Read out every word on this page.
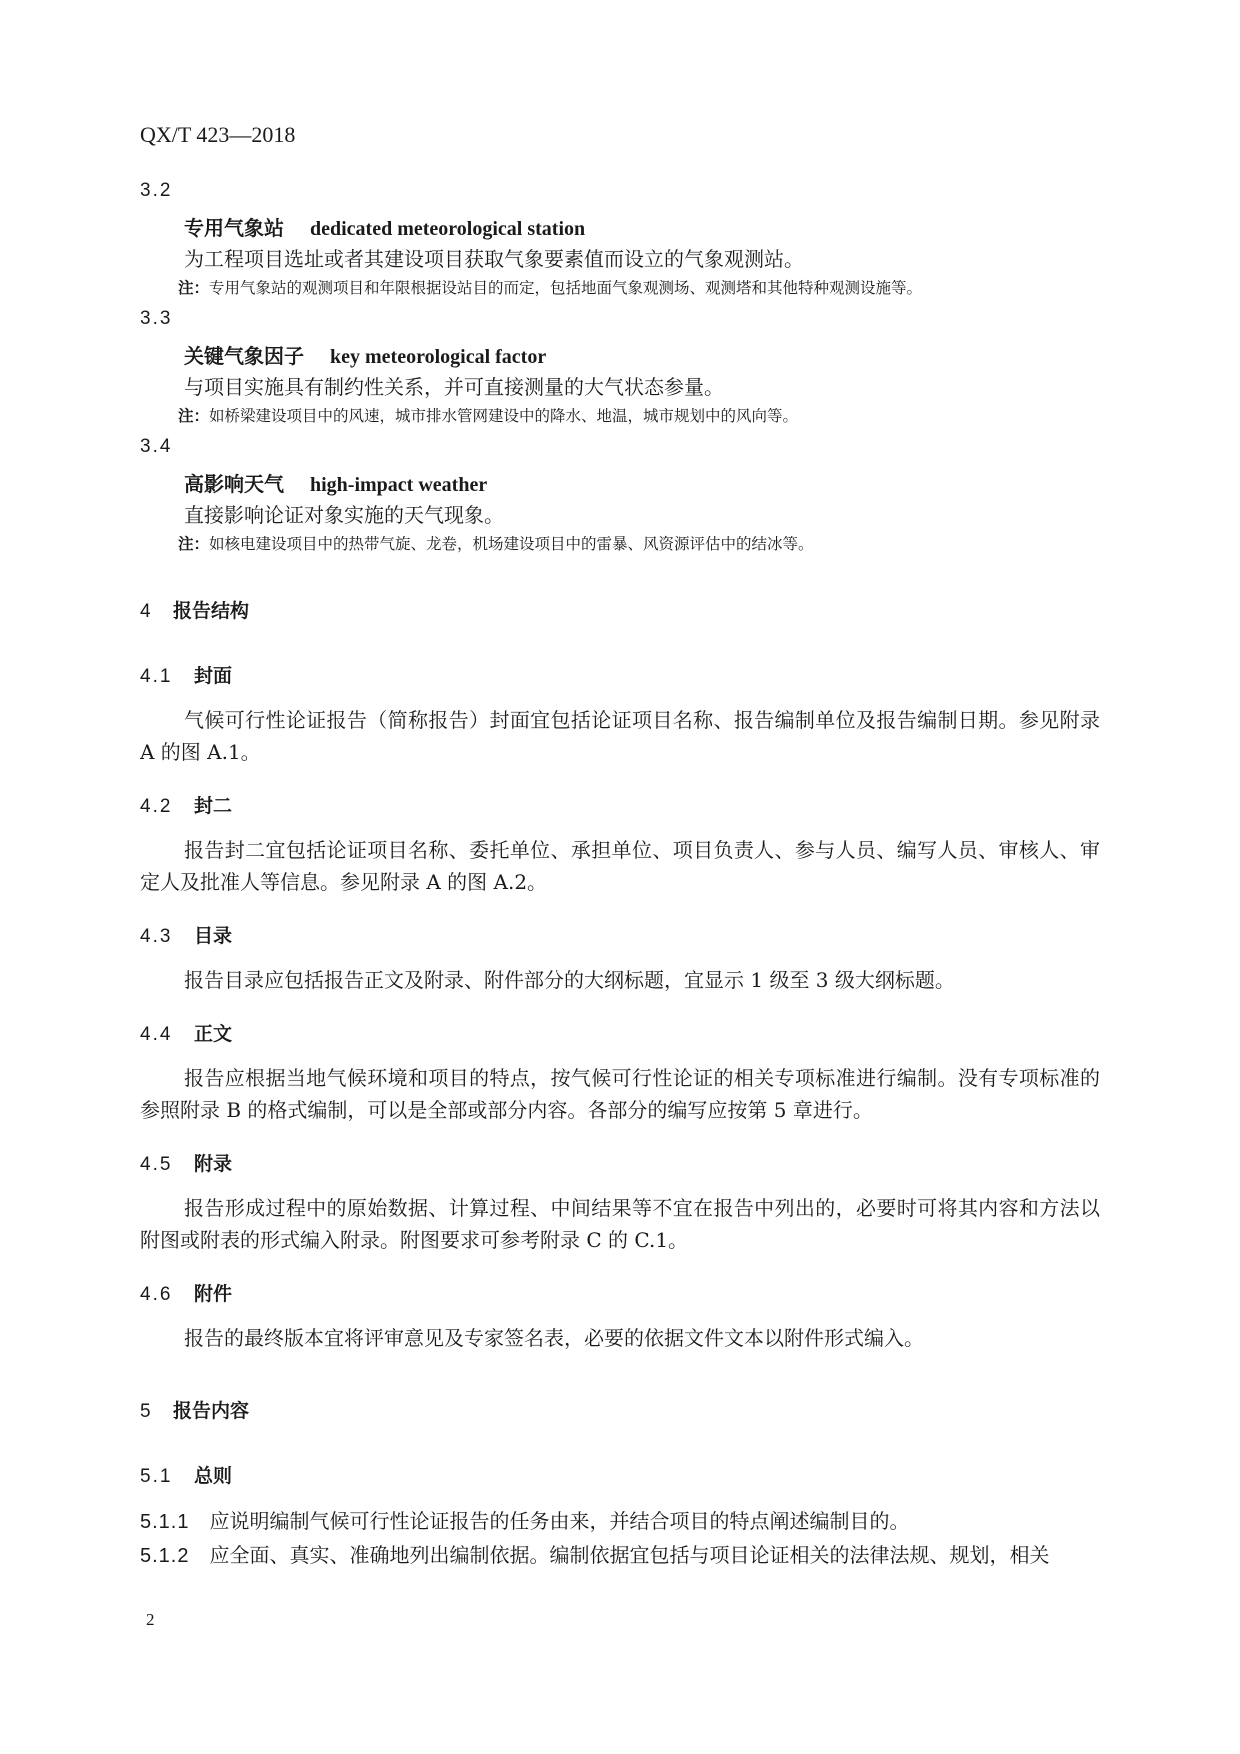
QX/T 423—2018
3.2
专用气象站 dedicated meteorological station
为工程项目选址或者其建设项目获取气象要素值而设立的气象观测站。
注：专用气象站的观测项目和年限根据设站目的而定，包括地面气象观测场、观测塔和其他特种观测设施等。
3.3
关键气象因子 key meteorological factor
与项目实施具有制约性关系，并可直接测量的大气状态参量。
注：如桥梁建设项目中的风速，城市排水管网建设中的降水、地温，城市规划中的风向等。
3.4
高影响天气 high-impact weather
直接影响论证对象实施的天气现象。
注：如核电建设项目中的热带气旋、龙卷，机场建设项目中的雷暴、风资源评估中的结冰等。
4 报告结构
4.1 封面
气候可行性论证报告（简称报告）封面宜包括论证项目名称、报告编制单位及报告编制日期。参见附录 A 的图 A.1。
4.2 封二
报告封二宜包括论证项目名称、委托单位、承担单位、项目负责人、参与人员、编写人员、审核人、审定人及批准人等信息。参见附录 A 的图 A.2。
4.3 目录
报告目录应包括报告正文及附录、附件部分的大纲标题，宜显示 1 级至 3 级大纲标题。
4.4 正文
报告应根据当地气候环境和项目的特点，按气候可行性论证的相关专项标准进行编制。没有专项标准的参照附录 B 的格式编制，可以是全部或部分内容。各部分的编写应按第 5 章进行。
4.5 附录
报告形成过程中的原始数据、计算过程、中间结果等不宜在报告中列出的，必要时可将其内容和方法以附图或附表的形式编入附录。附图要求可参考附录 C 的 C.1。
4.6 附件
报告的最终版本宜将评审意见及专家签名表，必要的依据文件文本以附件形式编入。
5 报告内容
5.1 总则
5.1.1 应说明编制气候可行性论证报告的任务由来，并结合项目的特点阐述编制目的。
5.1.2 应全面、真实、准确地列出编制依据。编制依据宜包括与项目论证相关的法律法规、规划，相关
2
